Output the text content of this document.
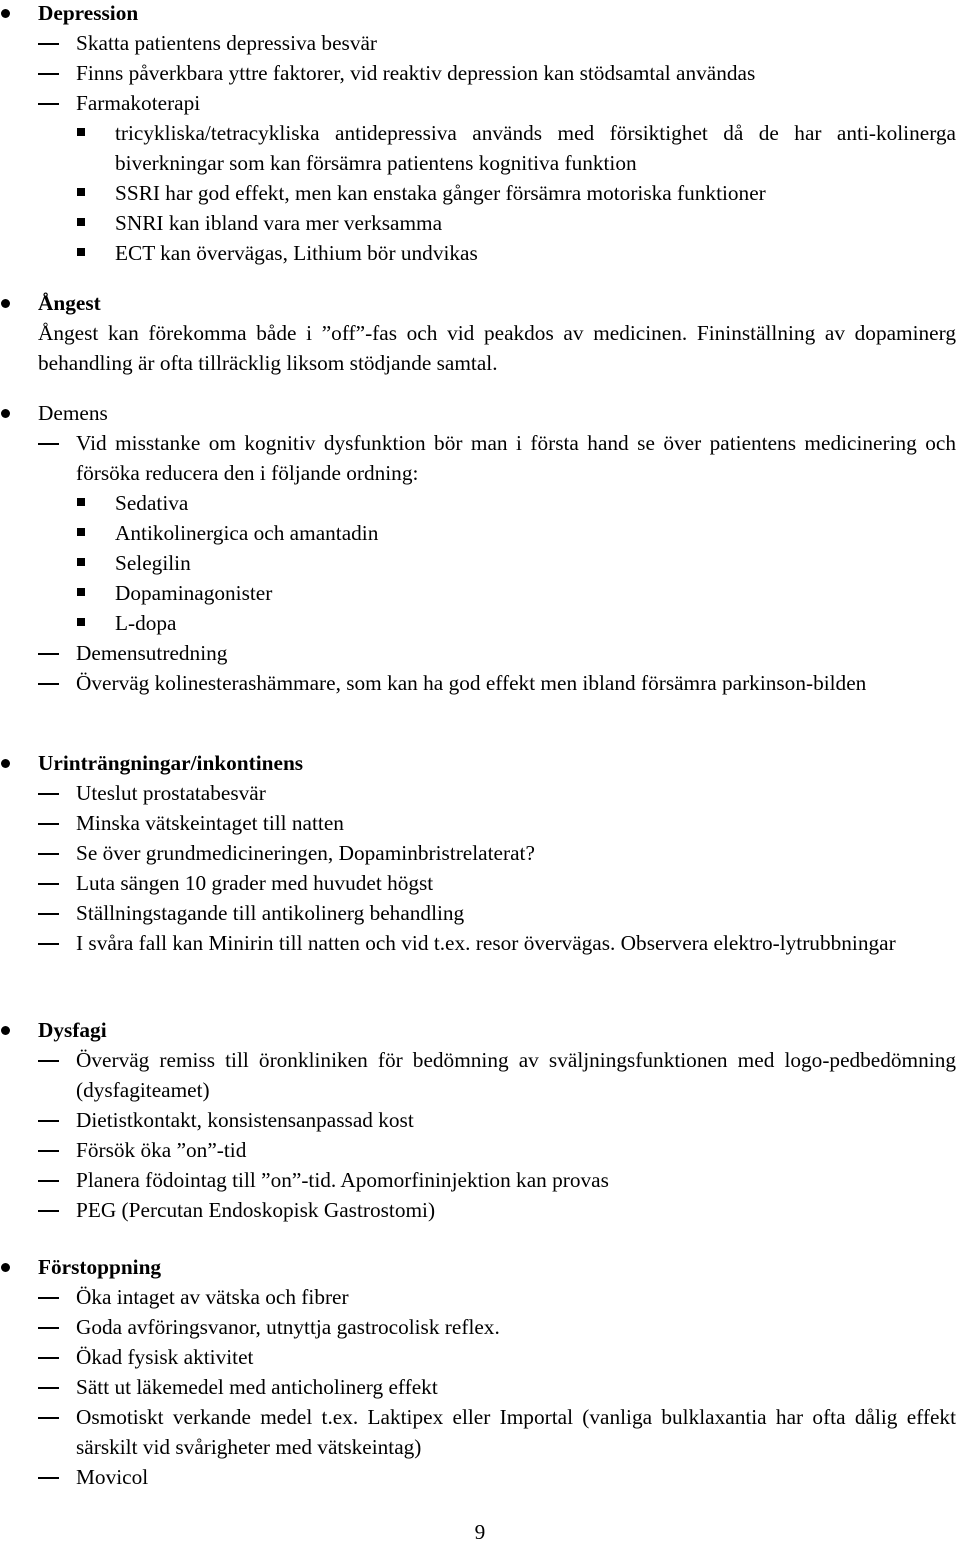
Depression
Skatta patientens depressiva besvär
Finns påverkbara yttre faktorer, vid reaktiv depression kan stödsamtal användas
Farmakoterapi
tricykliska/tetracykliska antidepressiva används med försiktighet då de har anti-kolinerga biverkningar som kan försämra patientens kognitiva funktion
SSRI har god effekt, men kan enstaka gånger försämra motoriska funktioner
SNRI kan ibland vara mer verksamma
ECT kan övervägas, Lithium bör undvikas
Ångest
Ångest kan förekomma både i ”off”-fas och vid peakdos av medicinen. Fininställning av dopaminerg behandling är ofta tillräcklig liksom stödjande samtal.
Demens
Vid misstanke om kognitiv dysfunktion bör man i första hand se över patientens medicinering och försöka reducera den i följande ordning:
Sedativa
Antikolinergica och amantadin
Selegilin
Dopaminagonister
L-dopa
Demensutredning
Överväg kolinesterashämmare, som kan ha god effekt men ibland försämra parkinson-bilden
Urinträngningar/inkontinens
Uteslut prostatabesvär
Minska vätskeintaget till natten
Se över grundmedicineringen, Dopaminbristrelaterat?
Luta sängen 10 grader med huvudet högst
Ställningstagande till antikolinerg behandling
I svåra fall kan Minirin till natten och vid t.ex. resor övervägas. Observera elektro-lytrubbningar
Dysfagi
Överväg remiss till öronkliniken för bedömning av sväljningsfunktionen med logo-pedbedömning (dysfagiteamet)
Dietistkontakt, konsistensanpassad kost
Försök öka ”on”-tid
Planera födointag till ”on”-tid. Apomorfininjektion kan provas
PEG (Percutan Endoskopisk Gastrostomi)
Förstoppning
Öka intaget av vätska och fibrer
Goda avföringsvanor, utnyttja gastrocolisk reflex.
Ökad fysisk aktivitet
Sätt ut läkemedel med anticholinerg effekt
Osmotiskt verkande medel t.ex. Laktipex eller Importal (vanliga bulklaxantia har ofta dålig effekt särskilt vid svårigheter med vätskeintag)
Movicol
9
